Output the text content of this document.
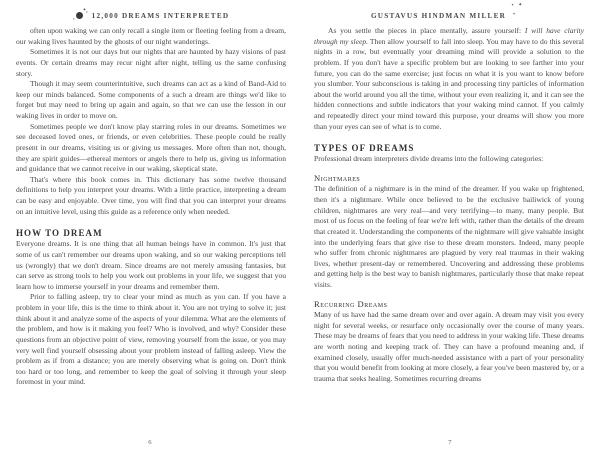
✦ ✦
✦ 12,000 DREAMS INTERPRETED

often upon waking we can only recall a single item or fleeting feeling from a dream, our waking lives haunted by the ghosts of our night wanderings.

Sometimes it is not our days but our nights that are haunted by hazy visions of past events. Or certain dreams may recur night after night, telling us the same confusing story.

Though it may seem counterintuitive, such dreams can act as a kind of Band-Aid to keep our minds balanced. Some components of a such a dream are things we'd like to forget but may need to bring up again and again, so that we can use the lesson in our waking lives in order to move on.

Sometimes people we don't know play starring roles in our dreams. Sometimes we see deceased loved ones, or friends, or even celebrities. These people could be really present in our dreams, visiting us or giving us messages. More often than not, though, they are spirit guides—ethereal mentors or angels there to help us, giving us information and guidance that we cannot receive in our waking, skeptical state.

That's where this book comes in. This dictionary has some twelve thousand definitions to help you interpret your dreams. With a little practice, interpreting a dream can be easy and enjoyable. Over time, you will find that you can interpret your dreams on an intuitive level, using this guide as a reference only when needed.

HOW TO DREAM

Everyone dreams. It is one thing that all human beings have in common. It's just that some of us can't remember our dreams upon waking, and so our waking perceptions tell us (wrongly) that we don't dream. Since dreams are not merely amusing fantasies, but can serve as strong tools to help you work out problems in your life, we suggest that you learn how to immerse yourself in your dreams and remember them.

Prior to falling asleep, try to clear your mind as much as you can. If you have a problem in your life, this is the time to think about it. You are not trying to solve it; just think about it and analyze some of the aspects of your dilemma. What are the elements of the problem, and how is it making you feel? Who is involved, and why? Consider these questions from an objective point of view, removing yourself from the issue, or you may very well find yourself obsessing about your problem instead of falling asleep. View the problem as if from a distance; you are merely observing what is going on. Don't think too hard or too long, and remember to keep the goal of solving it through your sleep foremost in your mind.

6
GUSTAVUS HINDMAN MILLER
✦ ✦
✦

As you settle the pieces in place mentally, assure yourself: I will have clarity through my sleep. Then allow yourself to fall into sleep. You may have to do this several nights in a row, but eventually your dreaming mind will provide a solution to the problem. If you don't have a specific problem but are looking to see farther into your future, you can do the same exercise; just focus on what it is you want to know before you slumber. Your subconscious is taking in and processing tiny particles of information about the world around you all the time, without your even realizing it, and it can see the hidden connections and subtle indicators that your waking mind cannot. If you calmly and repeatedly direct your mind toward this purpose, your dreams will show you more than your eyes can see of what is to come.

TYPES OF DREAMS

Professional dream interpreters divide dreams into the following categories:

Nightmares

The definition of a nightmare is in the mind of the dreamer. If you wake up frightened, then it's a nightmare. While once believed to be the exclusive bailiwick of young children, nightmares are very real—and very terrifying—to many, many people. But most of us focus on the feeling of fear we're left with, rather than the details of the dream that created it. Understanding the components of the nightmare will give valuable insight into the underlying fears that give rise to these dream monsters. Indeed, many people who suffer from chronic nightmares are plagued by very real traumas in their waking lives, whether present-day or remembered. Uncovering and addressing these problems and getting help is the best way to banish nightmares, particularly those that make repeat visits.

Recurring Dreams

Many of us have had the same dream over and over again. A dream may visit you every night for several weeks, or resurface only occasionally over the course of many years. These may be dreams of fears that you need to address in your waking life. These dreams are worth noting and keeping track of. They can have a profound meaning and, if examined closely, usually offer much-needed assistance with a part of your personality that you would benefit from looking at more closely, a fear you've been mastered by, or a trauma that seeks healing. Sometimes recurring dreams

7
